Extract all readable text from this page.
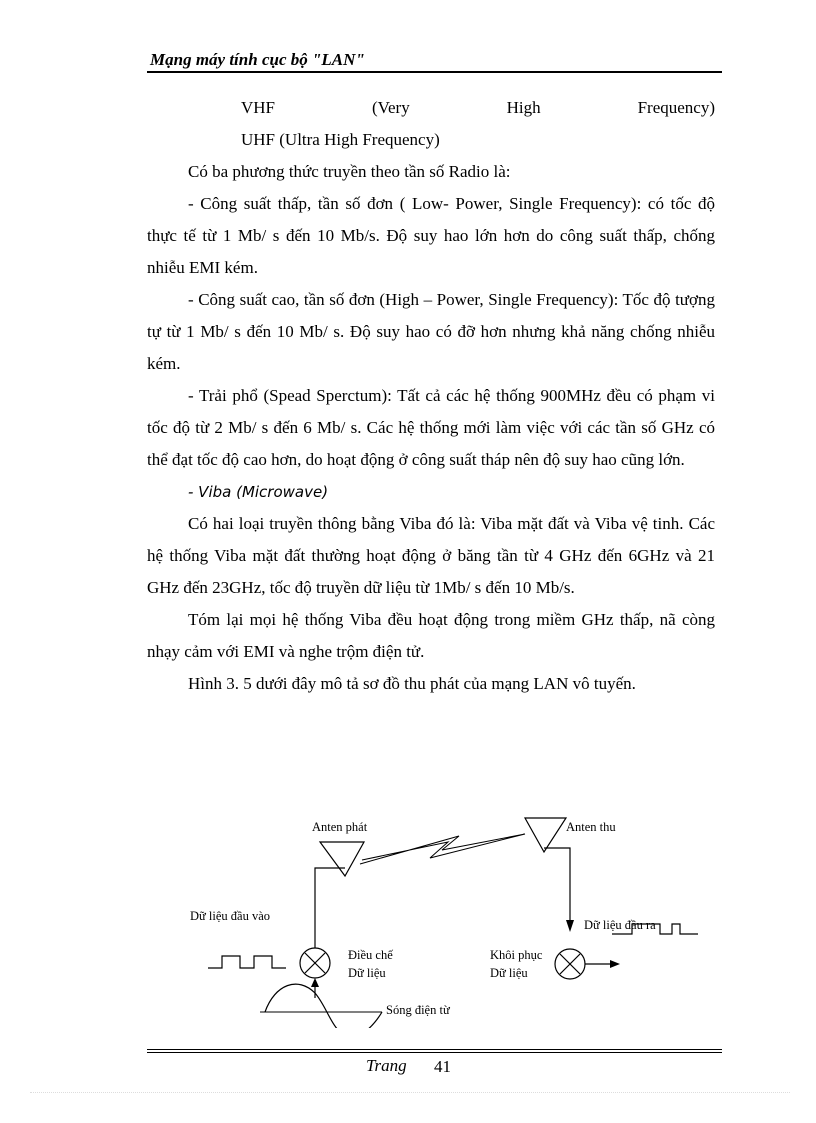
Mạng máy tính cục bộ "LAN"

VHF (Very High Frequency)

UHF (Ultra High Frequency)

Có ba phương thức truyền theo tần số Radio là:

- Công suất thấp, tần số đơn ( Low- Power, Single Frequency): có tốc độ thực tế từ 1 Mb/ s đến 10 Mb/s. Độ suy hao lớn hơn do công suất thấp, chống nhiễu EMI kém.

- Công suất cao, tần số đơn (High – Power, Single Frequency): Tốc độ tượng tự từ 1 Mb/ s đến 10 Mb/ s. Độ suy hao có đỡ hơn nhưng khả năng chống nhiễu kém.

- Trải phổ (Spead Sperctum): Tất cả các hệ thống 900MHz đều có phạm vi tốc độ từ 2 Mb/ s đến 6 Mb/ s. Các hệ thống mới làm việc với các tần số GHz có thể đạt tốc độ cao hơn, do hoạt động ở công suất tháp nên độ suy hao cũng lớn.

- Viba (Microwave)

Có hai loại truyền thông bằng Viba đó là: Viba mặt đất và Viba vệ tinh. Các hệ thống Viba mặt đất thường hoạt động ở băng tần từ 4 GHz đến 6GHz và 21 GHz đến 23GHz, tốc độ truyền dữ liệu từ 1Mb/ s đến 10 Mb/s.

Tóm lại mọi hệ thống Viba đều hoạt động trong miềm GHz thấp, nã còng nhạy cảm với EMI và nghe trộm điện tử.

Hình 3. 5 dưới đây mô tả sơ đồ thu phát của mạng LAN vô tuyến.

Anten phát	Anten thu
Dữ liệu đầu vào
Dữ liệu đầu ra
Điều chế
Dữ liệu
Khôi phục
Dữ liệu
Sóng điện từ
Trang 41
